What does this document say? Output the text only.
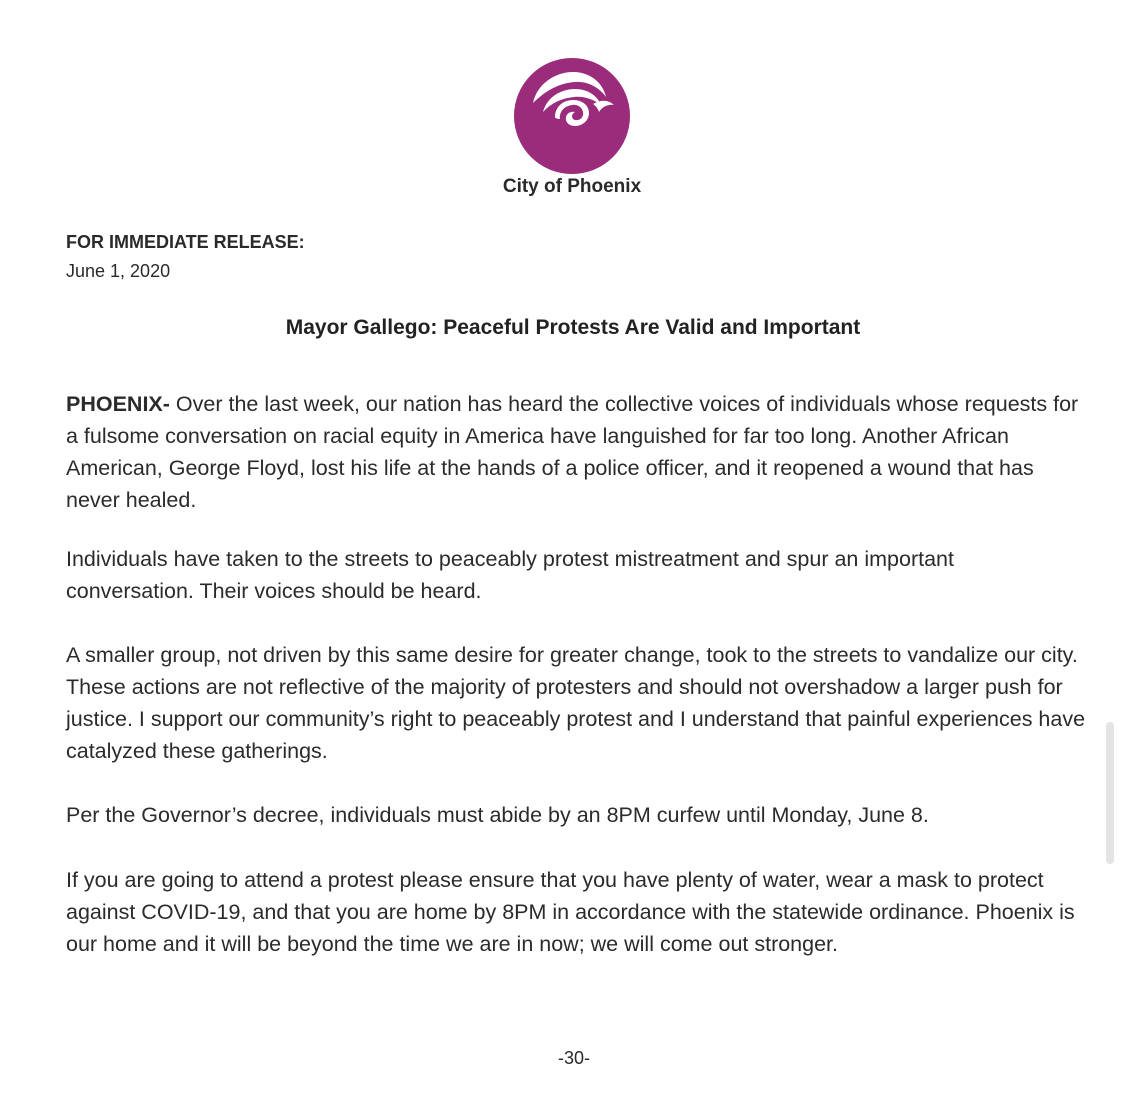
City of Phoenix
FOR IMMEDIATE RELEASE:
June 1, 2020
Mayor Gallego: Peaceful Protests Are Valid and Important

PHOENIX- Over the last week, our nation has heard the collective voices of individuals whose requests for a fulsome conversation on racial equity in America have languished for far too long. Another African American, George Floyd, lost his life at the hands of a police officer, and it reopened a wound that has never healed.

Individuals have taken to the streets to peaceably protest mistreatment and spur an important conversation. Their voices should be heard.

A smaller group, not driven by this same desire for greater change, took to the streets to vandalize our city. These actions are not reflective of the majority of protesters and should not overshadow a larger push for justice. I support our community’s right to peaceably protest and I understand that painful experiences have catalyzed these gatherings.

Per the Governor’s decree, individuals must abide by an 8PM curfew until Monday, June 8.

If you are going to attend a protest please ensure that you have plenty of water, wear a mask to protect against COVID-19, and that you are home by 8PM in accordance with the statewide ordinance. Phoenix is our home and it will be beyond the time we are in now; we will come out stronger.

-30-
